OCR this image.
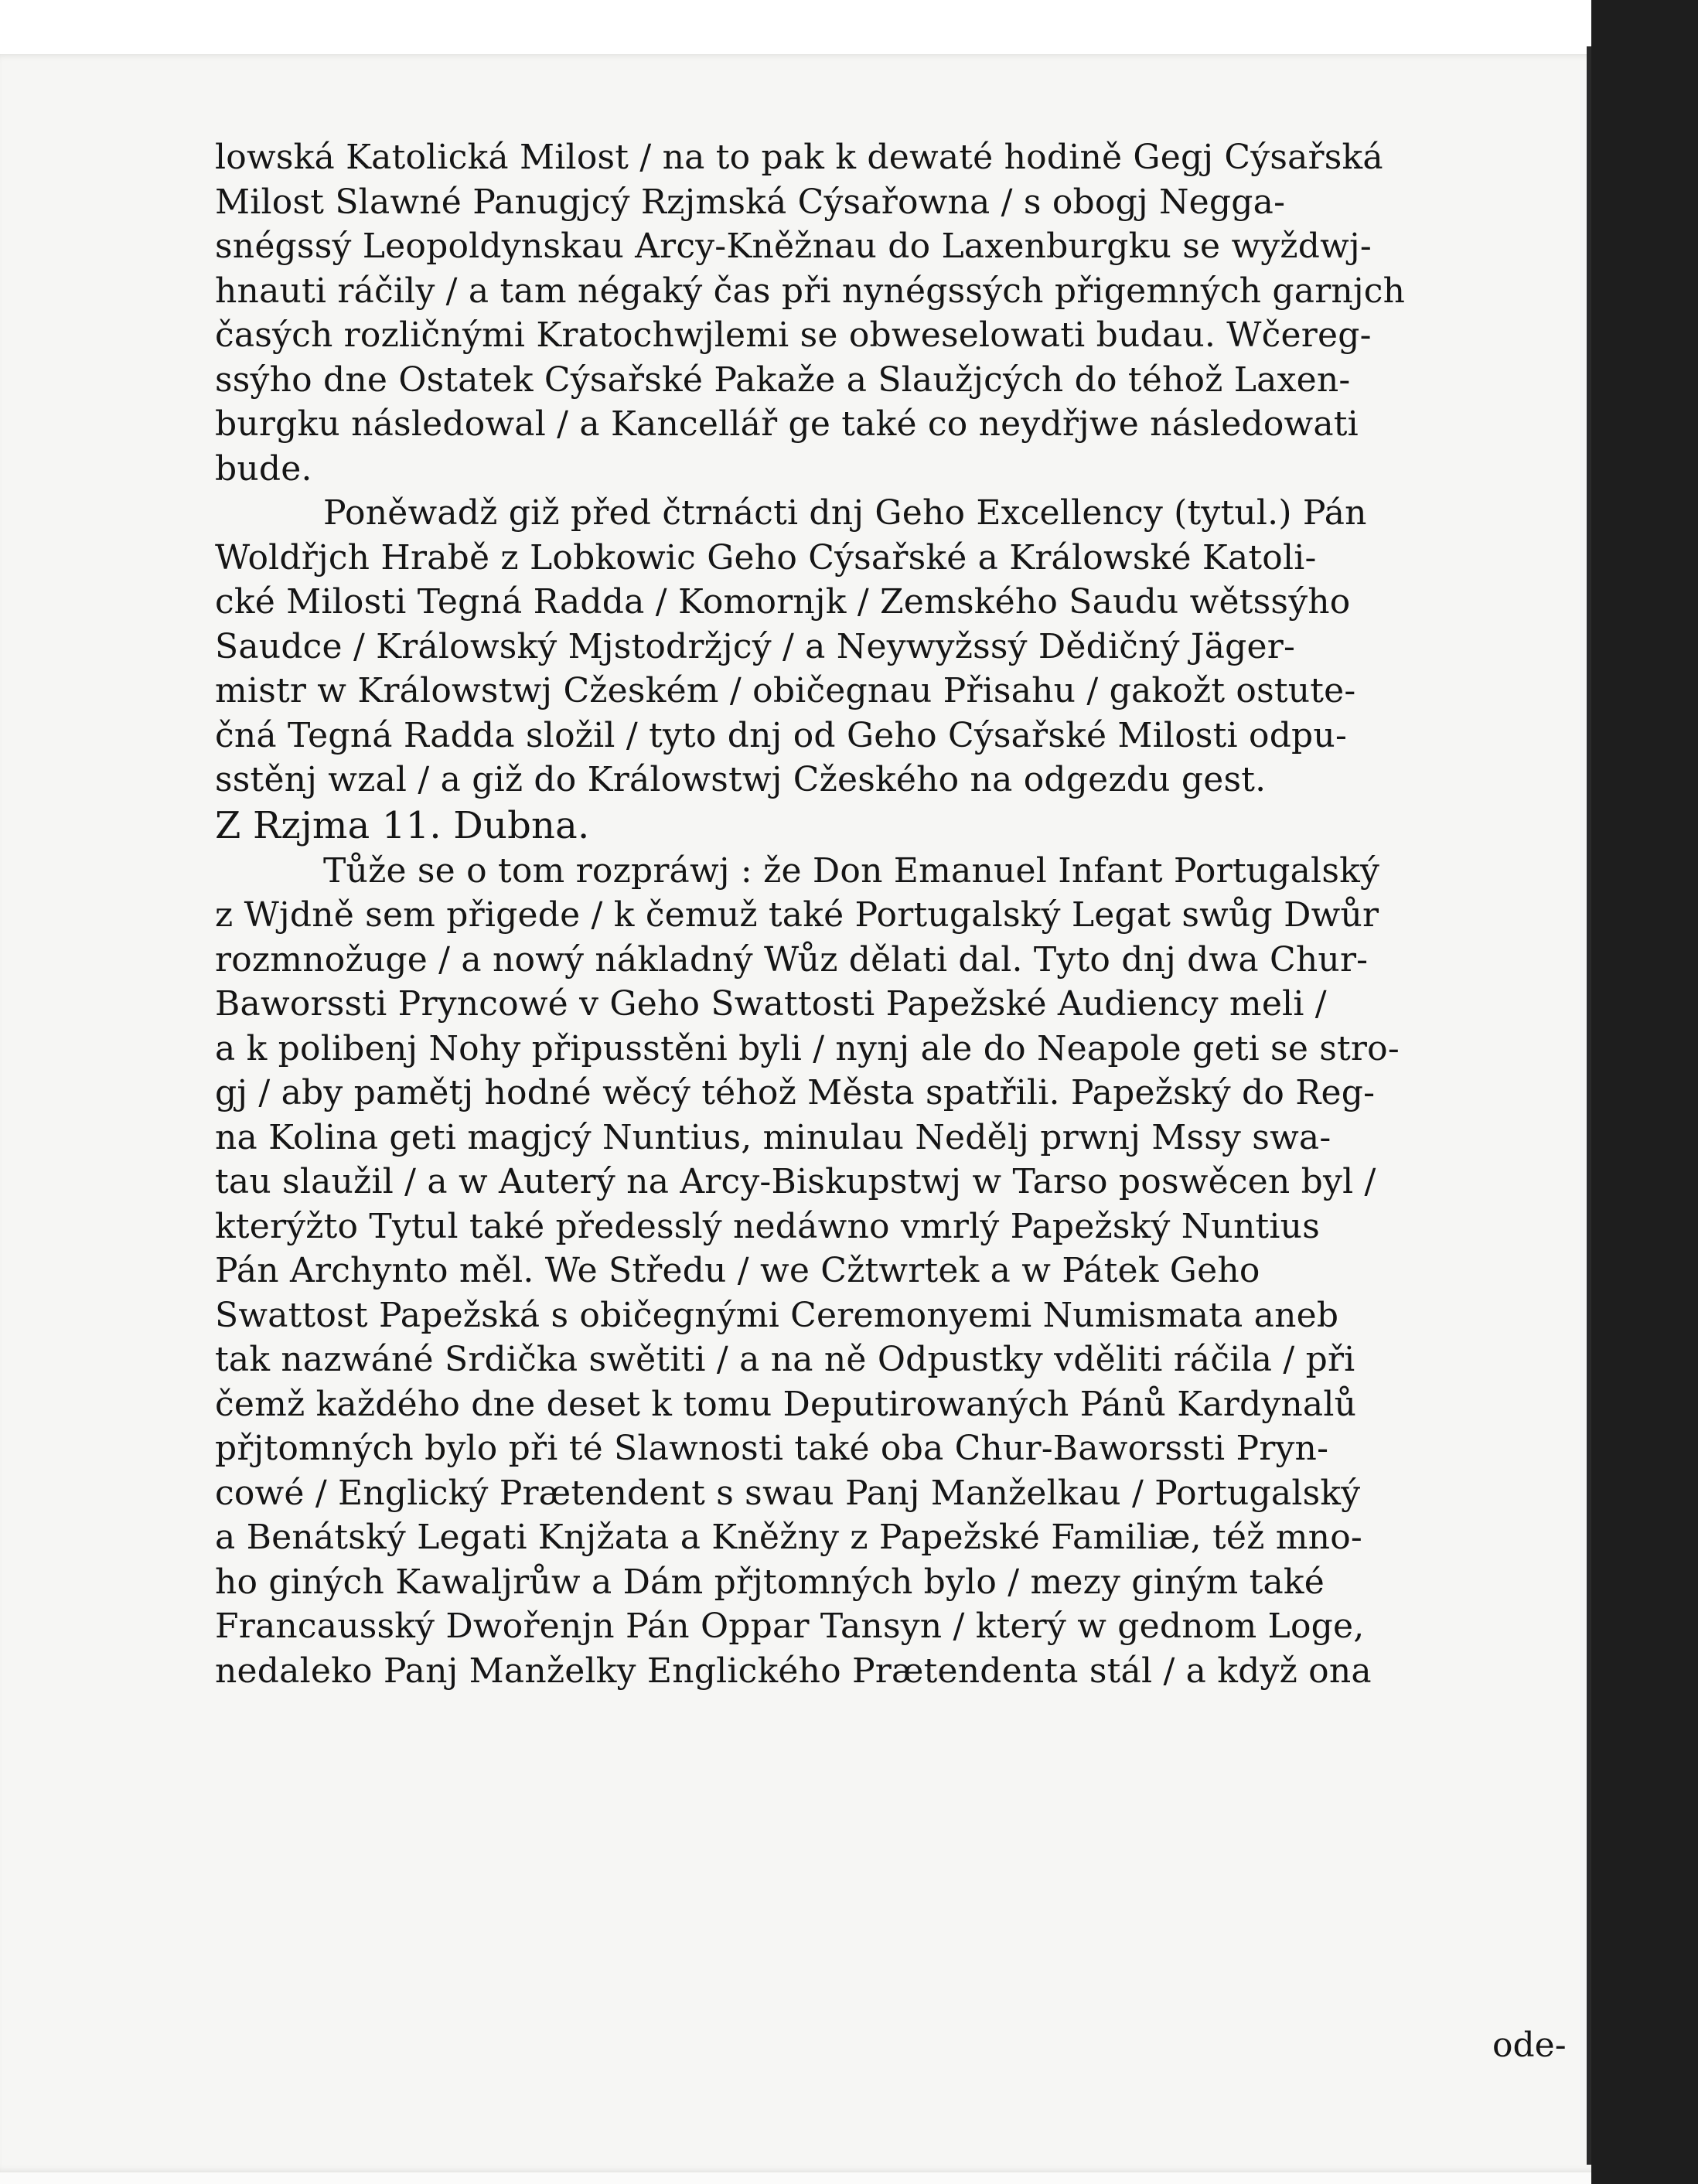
lowská Katolická Milost / na to pak k dewaté hodině Gegj Cýsařská
Milost Slawné Panugjcý Rzjmská Cýsařowna / s obogj Negga-
snégssý Leopoldynskau Arcy-Kněžnau do Laxenburgku se wyždwj-
hnauti ráčily / a tam négaký čas při nynégssých přigemných garnjch
časých rozličnými Kratochwjlemi se obweselowati budau. Wčereg-
ssýho dne Ostatek Cýsařské Pakaže a Slaužjcých do téhož Laxen-
burgku následowal / a Kancellář ge také co neydřjwe následowati
bude.

Poněwadž giž před čtrnácti dnj Geho Excellency (tytul.) Pán
Woldřjch Hrabě z Lobkowic Geho Cýsařské a Králowské Katoli-
cké Milosti Tegná Radda / Komornjk / Zemského Saudu wětssýho
Saudce / Králowský Mjstodržjcý / a Neywyžssý Dědičný Jäger-
mistr w Králowstwj Cžeském / običegnau Přisahu / gakožt ostute-
čná Tegná Radda složil / tyto dnj od Geho Cýsařské Milosti odpu-
sstěnj wzal / a giž do Králowstwj Cžeského na odgezdu gest.

Z Rzjma 11. Dubna.

Tůže se o tom rozpráwj : že Don Emanuel Infant Portugalský
z Wjdně sem přigede / k čemuž také Portugalský Legat swůg Dwůr
rozmnožuge / a nowý nákladný Wůz dělati dal. Tyto dnj dwa Chur-
Baworssti Pryncowé v Geho Swattosti Papežské Audiency meli /
a k polibenj Nohy připusstěni byli / nynj ale do Neapole geti se stro-
gj / aby pamětj hodné wěcý téhož Města spatřili. Papežský do Reg-
na Kolina geti magjcý Nuntius, minulau Nedělj prwnj Mssy swa-
tau slaužil / a w Auterý na Arcy-Biskupstwj w Tarso poswěcen byl /
kterýžto Tytul také předesslý nedáwno vmrlý Papežský Nuntius
Pán Archynto měl. We Středu / we Cžtwrtek a w Pátek Geho
Swattost Papežská s običegnými Ceremonyemi Numismata aneb
tak nazwáné Srdička swětiti / a na ně Odpustky vděliti ráčila / při
čemž každého dne deset k tomu Deputirowaných Pánů Kardynalů
přjtomných bylo při té Slawnosti také oba Chur-Baworssti Pryn-
cowé / Englický Prætendent s swau Panj Manželkau / Portugalský
a Benátský Legati Knjžata a Kněžny z Papežské Familiæ, též mno-
ho giných Kawaljrůw a Dám přjtomných bylo / mezy giným také
Francausský Dwořenjn Pán Oppar Tansyn / který w gednom Loge,
nedaleko Panj Manželky Englického Prætendenta stál / a když ona

ode-
